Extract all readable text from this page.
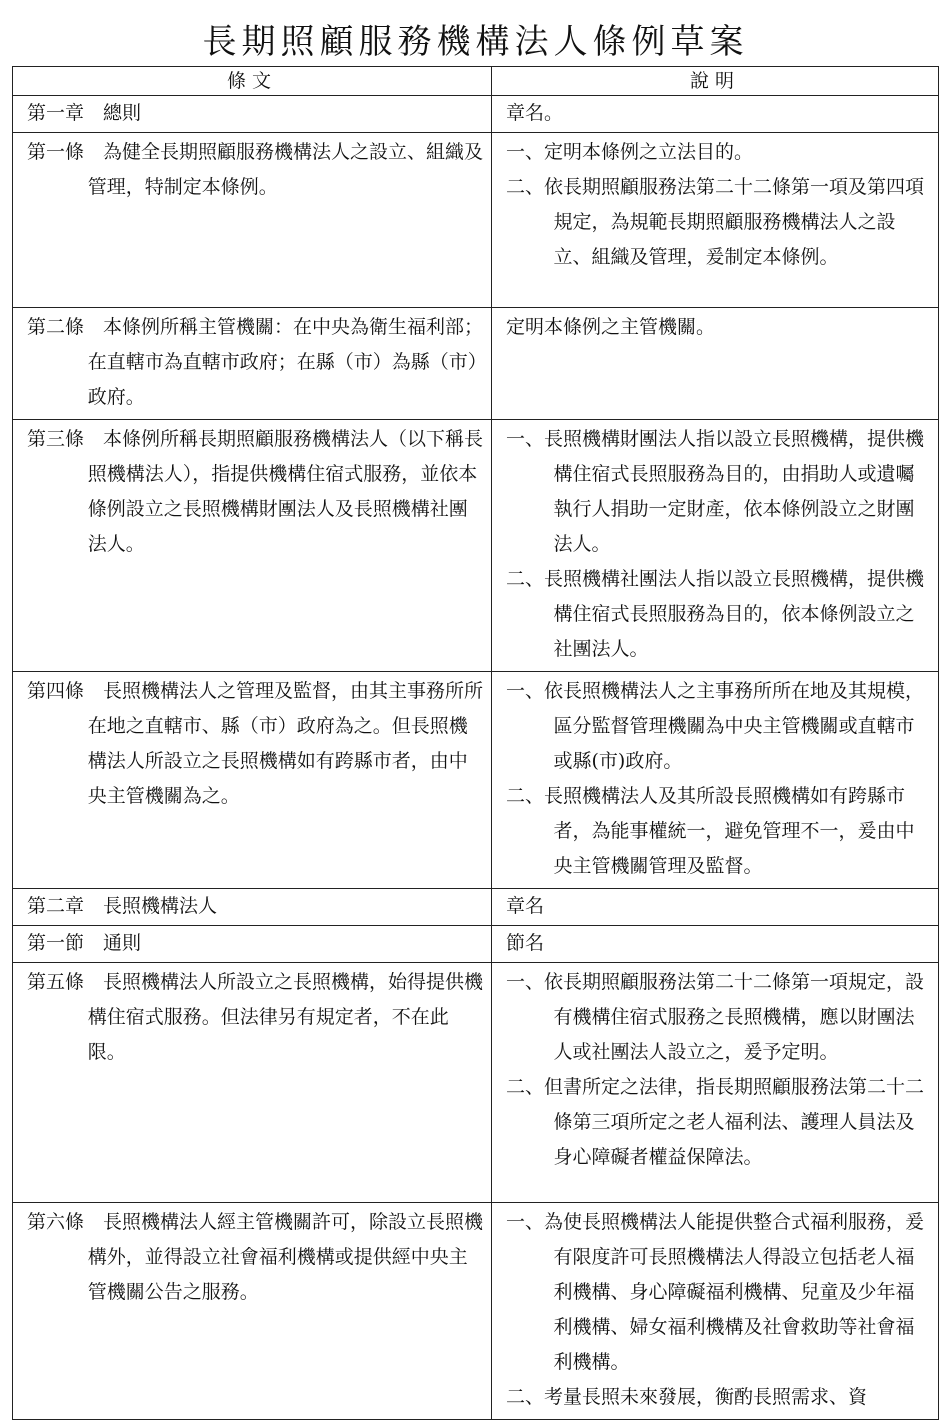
長期照顧服務機構法人條例草案
條文	說明

第一章　總則	章名。

第一條　為健全長期照顧服務機構法人之設立、組織及管理，特制定本條例。	一、定明本條例之立法目的。
二、依長期照顧服務法第二十二條第一項及第四項規定，為規範長期照顧服務機構法人之設立、組織及管理，爰制定本條例。

第二條　本條例所稱主管機關：在中央為衛生福利部；在直轄市為直轄市政府；在縣（市）為縣（市）政府。	定明本條例之主管機關。

第三條　本條例所稱長期照顧服務機構法人（以下稱長照機構法人），指提供機構住宿式服務，並依本條例設立之長照機構財團法人及長照機構社團法人。	一、長照機構財團法人指以設立長照機構，提供機構住宿式長照服務為目的，由捐助人或遺囑執行人捐助一定財產，依本條例設立之財團法人。
二、長照機構社團法人指以設立長照機構，提供機構住宿式長照服務為目的，依本條例設立之社團法人。

第四條　長照機構法人之管理及監督，由其主事務所所在地之直轄市、縣（市）政府為之。但長照機構法人所設立之長照機構如有跨縣市者，由中央主管機關為之。	一、依長照機構法人之主事務所所在地及其規模，區分監督管理機關為中央主管機關或直轄市或縣(市)政府。
二、長照機構法人及其所設長照機構如有跨縣市者，為能事權統一，避免管理不一，爰由中央主管機關管理及監督。

第二章　長照機構法人	章名

第一節　通則	節名

第五條　長照機構法人所設立之長照機構，始得提供機構住宿式服務。但法律另有規定者，不在此限。	一、依長期照顧服務法第二十二條第一項規定，設有機構住宿式服務之長照機構，應以財團法人或社團法人設立之，爰予定明。
二、但書所定之法律，指長期照顧服務法第二十二條第三項所定之老人福利法、護理人員法及身心障礙者權益保障法。

第六條　長照機構法人經主管機關許可，除設立長照機構外，並得設立社會福利機構或提供經中央主管機關公告之服務。	一、為使長照機構法人能提供整合式福利服務，爰有限度許可長照機構法人得設立包括老人福利機構、身心障礙福利機構、兒童及少年福利機構、婦女福利機構及社會救助等社會福利機構。
二、考量長照未來發展，衡酌長照需求、資
